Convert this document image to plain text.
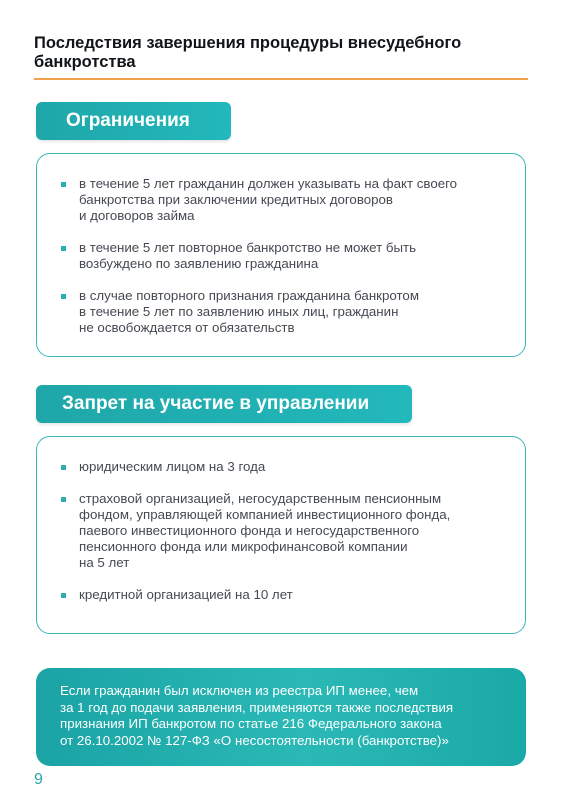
Последствия завершения процедуры внесудебного банкротства
Ограничения
в течение 5 лет гражданин должен указывать на факт своего
банкротства при заключении кредитных договоров
и договоров займа
в течение 5 лет повторное банкротство не может быть
возбуждено по заявлению гражданина
в случае повторного признания гражданина банкротом
в течение 5 лет по заявлению иных лиц, гражданин
не освобождается от обязательств
Запрет на участие в управлении
юридическим лицом на 3 года
страховой организацией, негосударственным пенсионным
фондом, управляющей компанией инвестиционного фонда,
паевого инвестиционного фонда и негосударственного
пенсионного фонда или микрофинансовой компании
на 5 лет
кредитной организацией на 10 лет
Если гражданин был исключен из реестра ИП менее, чем
за 1 год до подачи заявления, применяются также последствия
признания ИП банкротом по статье 216 Федерального закона
от 26.10.2002 № 127-ФЗ «О несостоятельности (банкротстве)»
9
